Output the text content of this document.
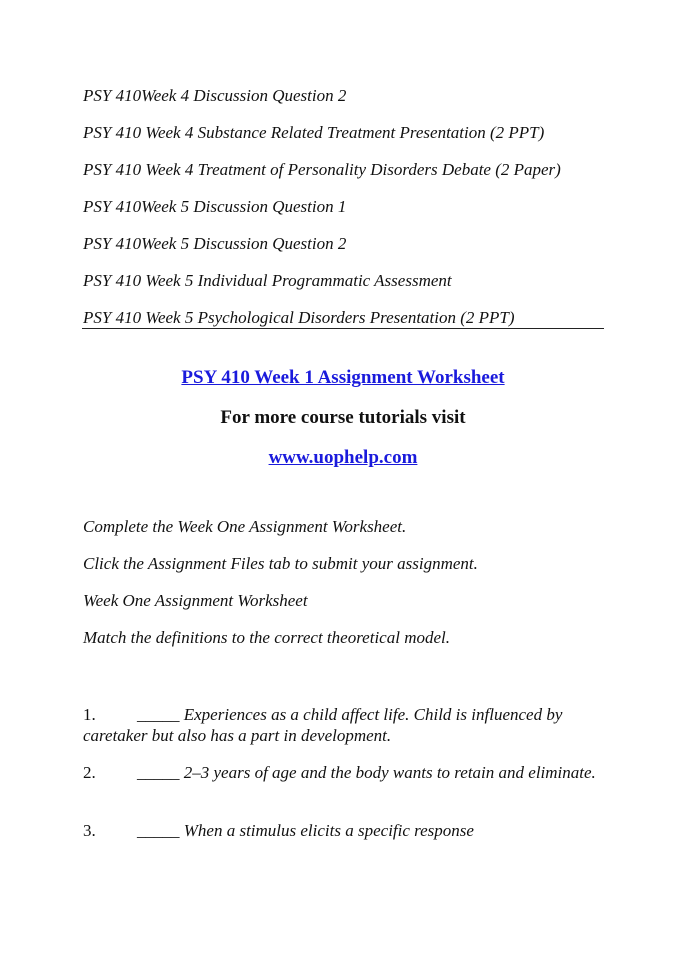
PSY 410Week 4 Discussion Question 2
PSY 410 Week 4 Substance Related Treatment Presentation (2 PPT)
PSY 410 Week 4 Treatment of Personality Disorders Debate (2 Paper)
PSY 410Week 5 Discussion Question 1
PSY 410Week 5 Discussion Question 2
PSY 410 Week 5 Individual Programmatic Assessment
PSY 410 Week 5 Psychological Disorders Presentation (2 PPT)
PSY 410 Week 1 Assignment Worksheet
For more course tutorials visit
www.uophelp.com
Complete the Week One Assignment Worksheet.
Click the Assignment Files tab to submit your assignment.
Week One Assignment Worksheet
Match the definitions to the correct theoretical model.
1. _____ Experiences as a child affect life. Child is influenced by caretaker but also has a part in development.
2. _____ 2–3 years of age and the body wants to retain and eliminate.
3. _____ When a stimulus elicits a specific response
